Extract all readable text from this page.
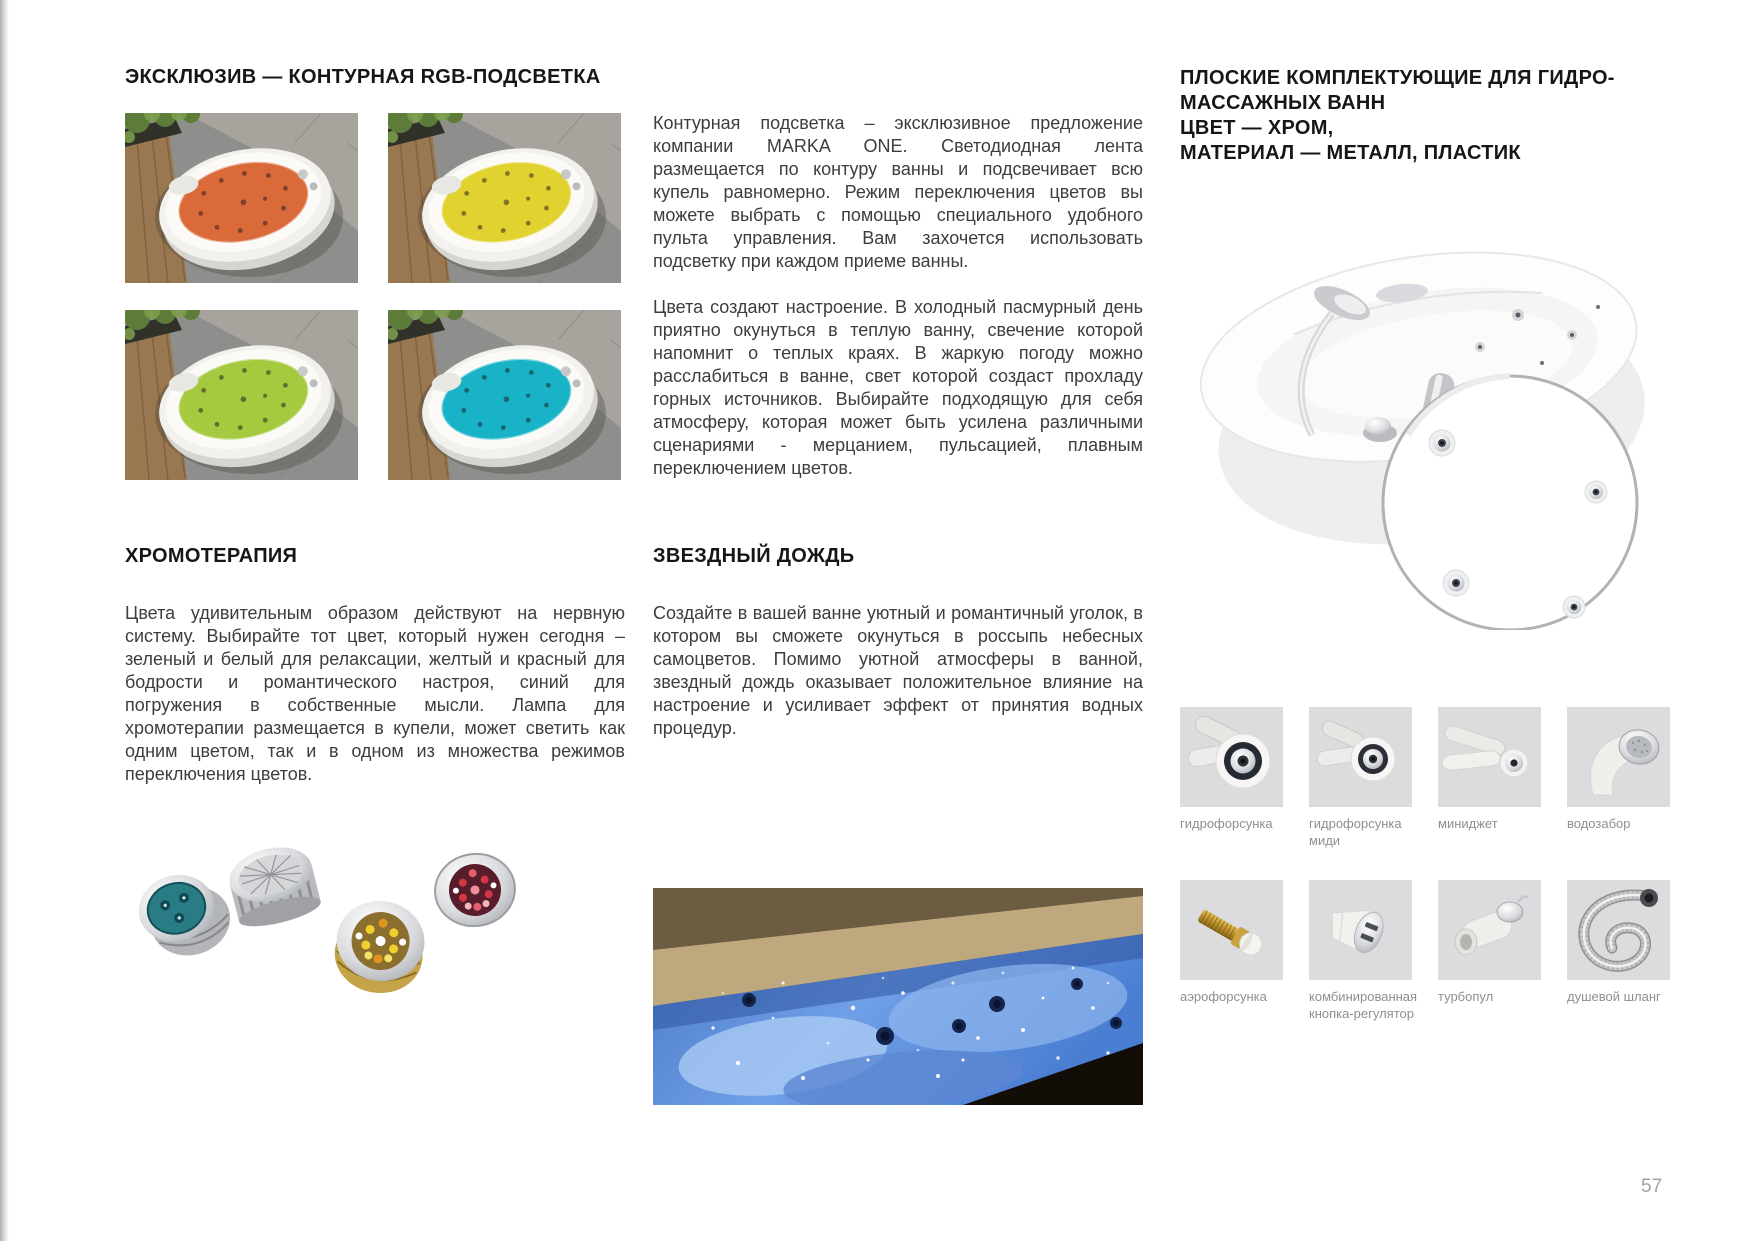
ЭКСКЛЮЗИВ — КОНТУРНАЯ RGB-ПОДСВЕТКА
ХРОМОТЕРАПИЯ
Цвета удивительным образом действуют на нервную систему. Выбирайте тот цвет, который нужен сегодня – зеленый и белый для релаксации, желтый и красный для бодрости и романтического настроя, синий для погружения в собственные мысли. Лампа для хромотерапии размещается в купели, может светить как одним цветом, так и в одном из множества режимов переключения цветов.
Контурная подсветка – эксклюзивное предложение компании MARKA ONE. Светодиодная лента размещается по контуру ванны и подсвечивает всю купель равномерно. Режим переключения цветов вы можете выбрать с помощью специального удобного пульта управления. Вам захочется использовать подсветку при каждом приеме ванны.
Цвета создают настроение. В холодный пасмурный день приятно окунуться в теплую ванну, свечение которой напомнит о теплых краях. В жаркую погоду можно расслабиться в ванне, свет которой создаст прохладу горных источников. Выбирайте подходящую для себя атмосферу, которая может быть усилена различными сценариями - мерцанием, пульсацией, плавным переключением цветов.
ЗВЕЗДНЫЙ ДОЖДЬ
Создайте в вашей ванне уютный и романтичный уголок, в котором вы сможете окунуться в россыпь небесных самоцветов. Помимо уютной атмосферы в ванной, звездный дождь оказывает положительное влияние на настроение и усиливает эффект от принятия водных процедур.
ПЛОСКИЕ КОМПЛЕКТУЮЩИЕ ДЛЯ ГИДРО-
МАССАЖНЫХ ВАНН
ЦВЕТ — ХРОМ,
МАТЕРИАЛ — МЕТАЛЛ, ПЛАСТИК
гидрофорсунка	гидрофорсунка миди
миниджет	водозабор
аэрофорсунка	комбинированная кнопка-регулятор
турбопул	душевой шланг
57
